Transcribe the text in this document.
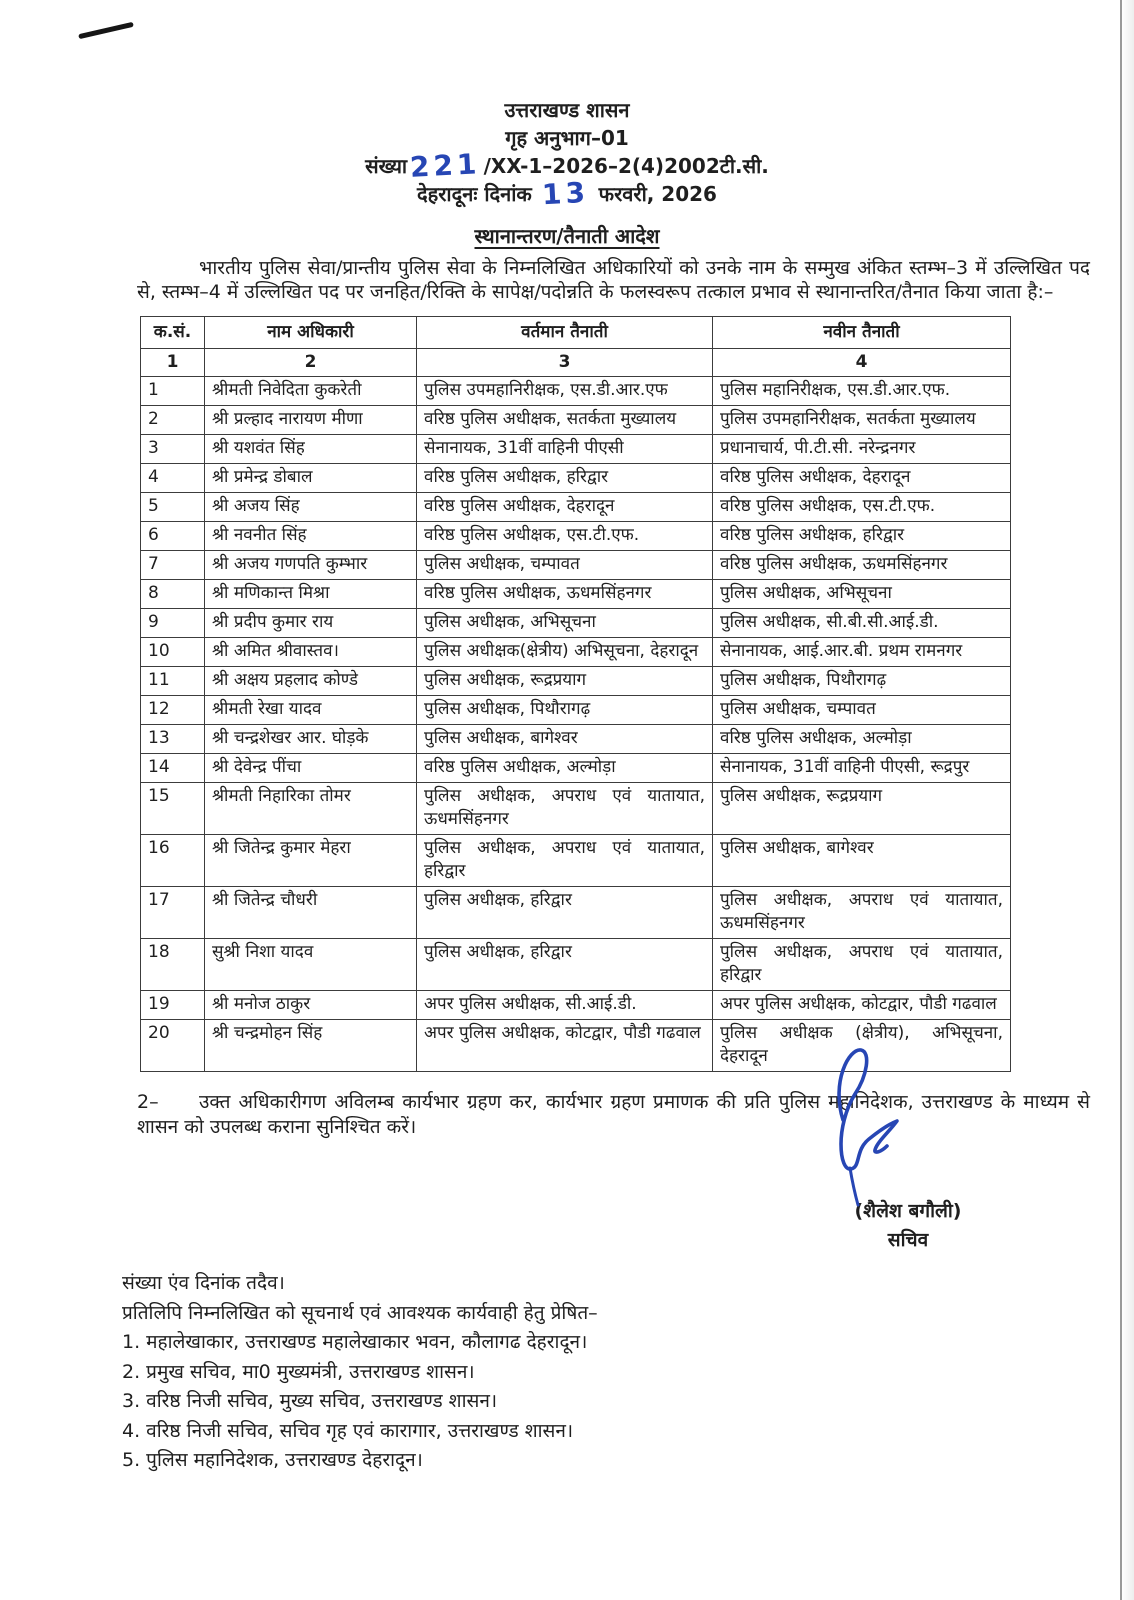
उत्तराखण्ड शासन
गृह अनुभाग–01
संख्या221 /XX-1–2026–2(4)2002टी.सी.
देहरादूनः दिनांक 13 फरवरी, 2026
स्थानान्तरण/तैनाती आदेश

भारतीय पुलिस सेवा/प्रान्तीय पुलिस सेवा के निम्नलिखित अधिकारियों को उनके नाम के सम्मुख अंकित स्तम्भ–3 में उल्लिखित पद से, स्तम्भ–4 में उल्लिखित पद पर जनहित/रिक्ति के सापेक्ष/पदोन्नति के फलस्वरूप तत्काल प्रभाव से स्थानान्तरित/तैनात किया जाता है:–

क.सं.	नाम अधिकारी	वर्तमान तैनाती	नवीन तैनाती
1	2	3	4
1	श्रीमती निवेदिता कुकरेती	पुलिस उपमहानिरीक्षक, एस.डी.आर.एफ	पुलिस महानिरीक्षक, एस.डी.आर.एफ.
2	श्री प्रल्हाद नारायण मीणा	वरिष्ठ पुलिस अधीक्षक, सतर्कता मुख्यालय	पुलिस उपमहानिरीक्षक, सतर्कता मुख्यालय
3	श्री यशवंत सिंह	सेनानायक, 31वीं वाहिनी पीएसी	प्रधानाचार्य, पी.टी.सी. नरेन्द्रनगर
4	श्री प्रमेन्द्र डोबाल	वरिष्ठ पुलिस अधीक्षक, हरिद्वार	वरिष्ठ पुलिस अधीक्षक, देहरादून
5	श्री अजय सिंह	वरिष्ठ पुलिस अधीक्षक, देहरादून	वरिष्ठ पुलिस अधीक्षक, एस.टी.एफ.
6	श्री नवनीत सिंह	वरिष्ठ पुलिस अधीक्षक, एस.टी.एफ.	वरिष्ठ पुलिस अधीक्षक, हरिद्वार
7	श्री अजय गणपति कुम्भार	पुलिस अधीक्षक, चम्पावत	वरिष्ठ पुलिस अधीक्षक, ऊधमसिंहनगर
8	श्री मणिकान्त मिश्रा	वरिष्ठ पुलिस अधीक्षक, ऊधमसिंहनगर	पुलिस अधीक्षक, अभिसूचना
9	श्री प्रदीप कुमार राय	पुलिस अधीक्षक, अभिसूचना	पुलिस अधीक्षक, सी.बी.सी.आई.डी.
10	श्री अमित श्रीवास्तव।	पुलिस अधीक्षक(क्षेत्रीय) अभिसूचना, देहरादून	सेनानायक, आई.आर.बी. प्रथम रामनगर
11	श्री अक्षय प्रहलाद कोण्डे	पुलिस अधीक्षक, रूद्रप्रयाग	पुलिस अधीक्षक, पिथौरागढ़
12	श्रीमती रेखा यादव	पुलिस अधीक्षक, पिथौरागढ़	पुलिस अधीक्षक, चम्पावत
13	श्री चन्द्रशेखर आर. घोड़के	पुलिस अधीक्षक, बागेश्वर	वरिष्ठ पुलिस अधीक्षक, अल्मोड़ा
14	श्री देवेन्द्र पींचा	वरिष्ठ पुलिस अधीक्षक, अल्मोड़ा	सेनानायक, 31वीं वाहिनी पीएसी, रूद्रपुर
15	श्रीमती निहारिका तोमर	पुलिस अधीक्षक, अपराध एवं यातायात, ऊधमसिंहनगर	पुलिस अधीक्षक, रूद्रप्रयाग
16	श्री जितेन्द्र कुमार मेहरा	पुलिस अधीक्षक, अपराध एवं यातायात, हरिद्वार	पुलिस अधीक्षक, बागेश्वर
17	श्री जितेन्द्र चौधरी	पुलिस अधीक्षक, हरिद्वार	पुलिस अधीक्षक, अपराध एवं यातायात, ऊधमसिंहनगर
18	सुश्री निशा यादव	पुलिस अधीक्षक, हरिद्वार	पुलिस अधीक्षक, अपराध एवं यातायात, हरिद्वार
19	श्री मनोज ठाकुर	अपर पुलिस अधीक्षक, सी.आई.डी.	अपर पुलिस अधीक्षक, कोटद्वार, पौडी गढवाल
20	श्री चन्द्रमोहन सिंह	अपर पुलिस अधीक्षक, कोटद्वार, पौडी गढवाल	पुलिस अधीक्षक (क्षेत्रीय), अभिसूचना, देहरादून

2– उक्त अधिकारीगण अविलम्ब कार्यभार ग्रहण कर, कार्यभार ग्रहण प्रमाणक की प्रति पुलिस महानिदेशक, उत्तराखण्ड के माध्यम से शासन को उपलब्ध कराना सुनिश्चित करें।

(शैलेश बगौली)
सचिव
संख्या एंव दिनांक तदैव।
प्रतिलिपि निम्नलिखित को सूचनार्थ एवं आवश्यक कार्यवाही हेतु प्रेषित–
1. महालेखाकार, उत्तराखण्ड महालेखाकार भवन, कौलागढ देहरादून।
2. प्रमुख सचिव, मा0 मुख्यमंत्री, उत्तराखण्ड शासन।
3. वरिष्ठ निजी सचिव, मुख्य सचिव, उत्तराखण्ड शासन।
4. वरिष्ठ निजी सचिव, सचिव गृह एवं कारागार, उत्तराखण्ड शासन।
5. पुलिस महानिदेशक, उत्तराखण्ड देहरादून।
